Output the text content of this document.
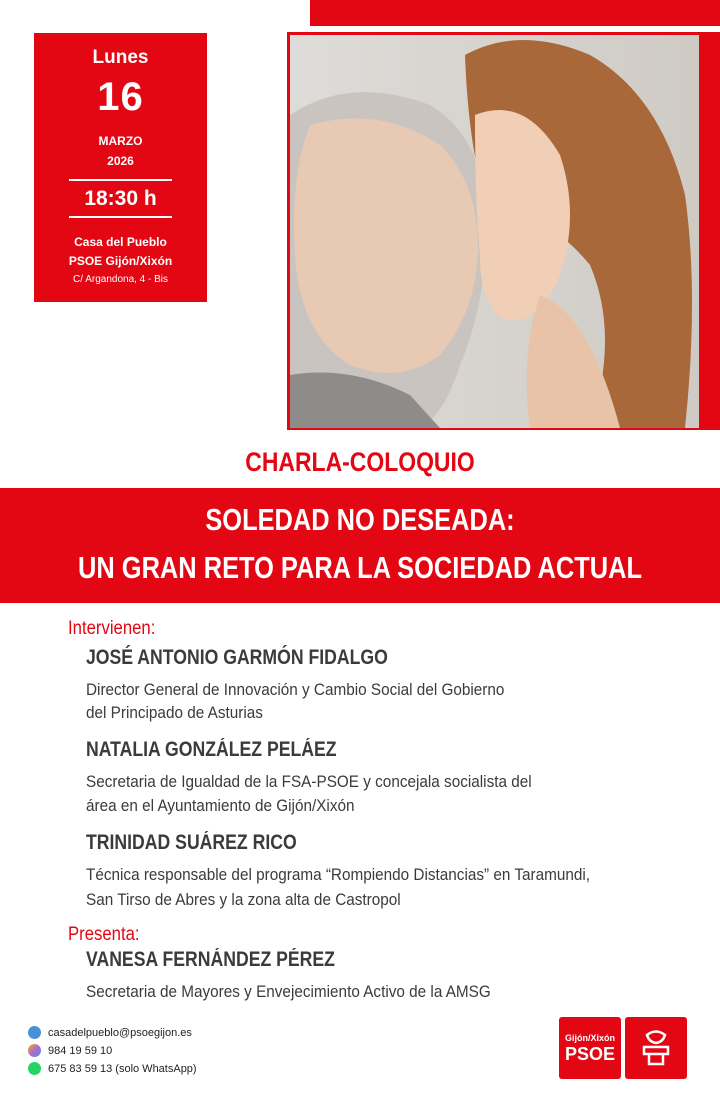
Lunes
16
MARZO
2026
18:30 h
Casa del Pueblo
PSOE Gijón/Xixón
C/ Argandona, 4 - Bis
CHARLA-COLOQUIO
SOLEDAD NO DESEADA:
UN GRAN RETO PARA LA SOCIEDAD ACTUAL
Intervienen:
JOSÉ ANTONIO GARMÓN FIDALGO
Director General de Innovación y Cambio Social del Gobierno
del Principado de Asturias
NATALIA GONZÁLEZ PELÁEZ
Secretaria de Igualdad de la FSA-PSOE y concejala socialista del
área en el Ayuntamiento de Gijón/Xixón
TRINIDAD SUÁREZ RICO
Técnica responsable del programa “Rompiendo Distancias” en Taramundi,
San Tirso de Abres y la zona alta de Castropol
Presenta:
VANESA FERNÁNDEZ PÉREZ
Secretaria de Mayores y Envejecimiento Activo de la AMSG
casadelpueblo@psoegijon.es
984 19 59 10
675 83 59 13 (solo WhatsApp)
Gijón/Xixón
PSOE
